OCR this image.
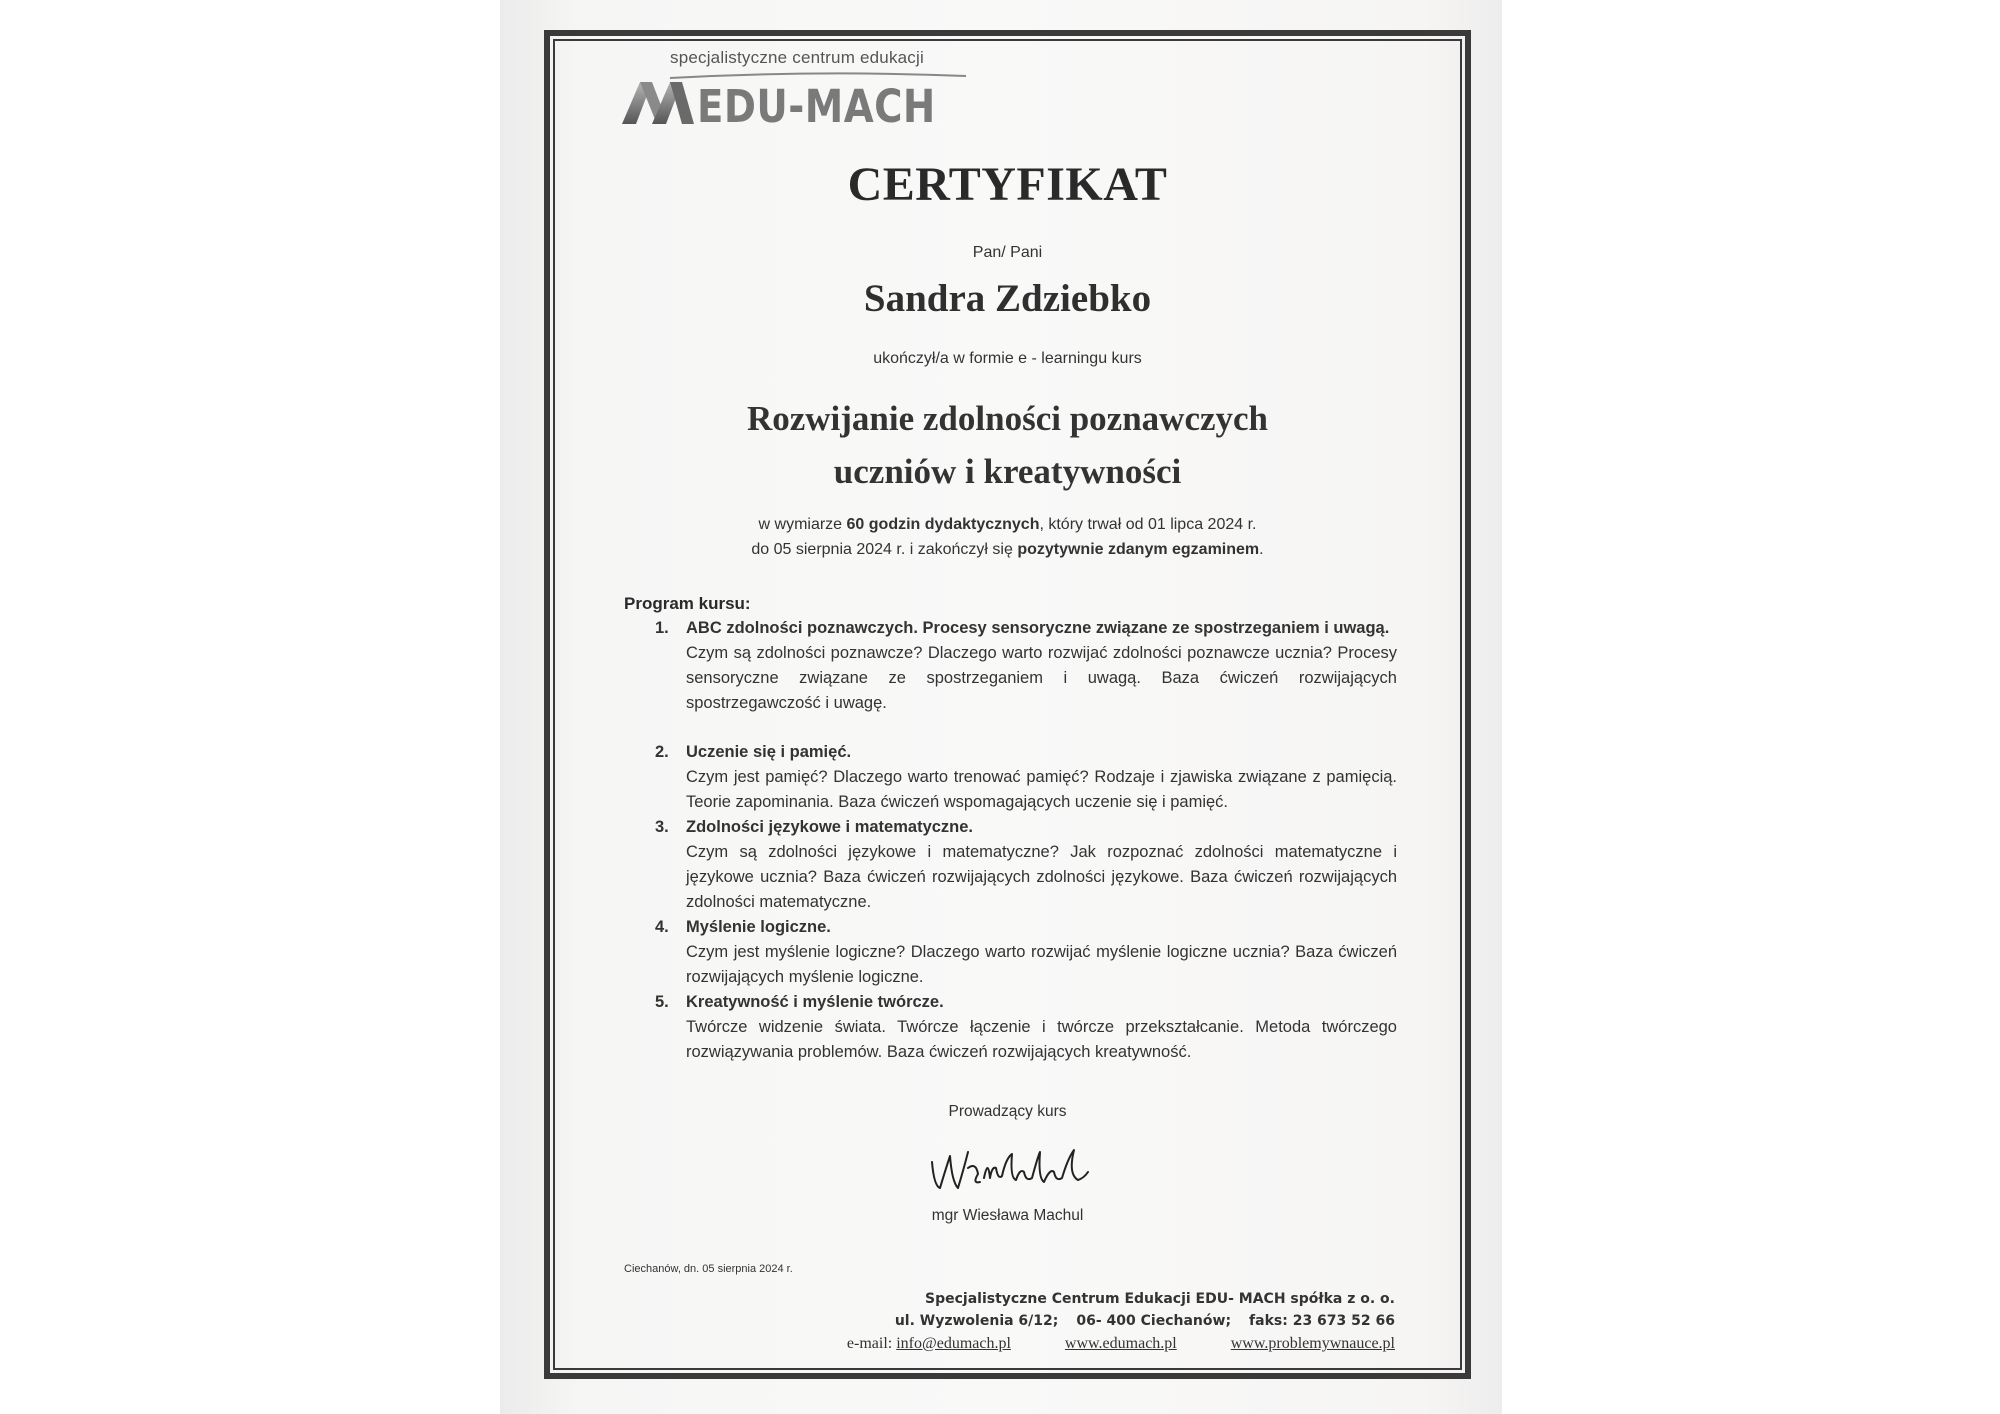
specjalistyczne centrum edukacji
EDU-MACH
CERTYFIKAT
Pan/ Pani
Sandra Zdziebko
ukończył/a w formie e - learningu kurs
Rozwijanie zdolności poznawczych
uczniów i kreatywności
w wymiarze 60 godzin dydaktycznych, który trwał od 01 lipca 2024 r.
do 05 sierpnia 2024 r. i zakończył się pozytywnie zdanym egzaminem.
Program kursu:
1. ABC zdolności poznawczych. Procesy sensoryczne związane ze spostrzeganiem i uwagą.
Czym są zdolności poznawcze? Dlaczego warto rozwijać zdolności poznawcze ucznia? Procesy sensoryczne związane ze spostrzeganiem i uwagą. Baza ćwiczeń rozwijających spostrzegawczość i uwagę.
2. Uczenie się i pamięć.
Czym jest pamięć? Dlaczego warto trenować pamięć? Rodzaje i zjawiska związane z pamięcią. Teorie zapominania. Baza ćwiczeń wspomagających uczenie się i pamięć.
3. Zdolności językowe i matematyczne.
Czym są zdolności językowe i matematyczne? Jak rozpoznać zdolności matematyczne i językowe ucznia? Baza ćwiczeń rozwijających zdolności językowe. Baza ćwiczeń rozwijających zdolności matematyczne.
4. Myślenie logiczne.
Czym jest myślenie logiczne? Dlaczego warto rozwijać myślenie logiczne ucznia? Baza ćwiczeń rozwijających myślenie logiczne.
5. Kreatywność i myślenie twórcze.
Twórcze widzenie świata. Twórcze łączenie i twórcze przekształcanie. Metoda twórczego rozwiązywania problemów. Baza ćwiczeń rozwijających kreatywność.
Prowadzący kurs
mgr Wiesława Machul
Ciechanów, dn. 05 sierpnia 2024 r.
Specjalistyczne Centrum Edukacji EDU- MACH spółka z o. o.
ul. Wyzwolenia 6/12; 06- 400 Ciechanów; faks: 23 673 52 66
e-mail: info@edumach.pl	www.edumach.pl	www.problemywnauce.pl
